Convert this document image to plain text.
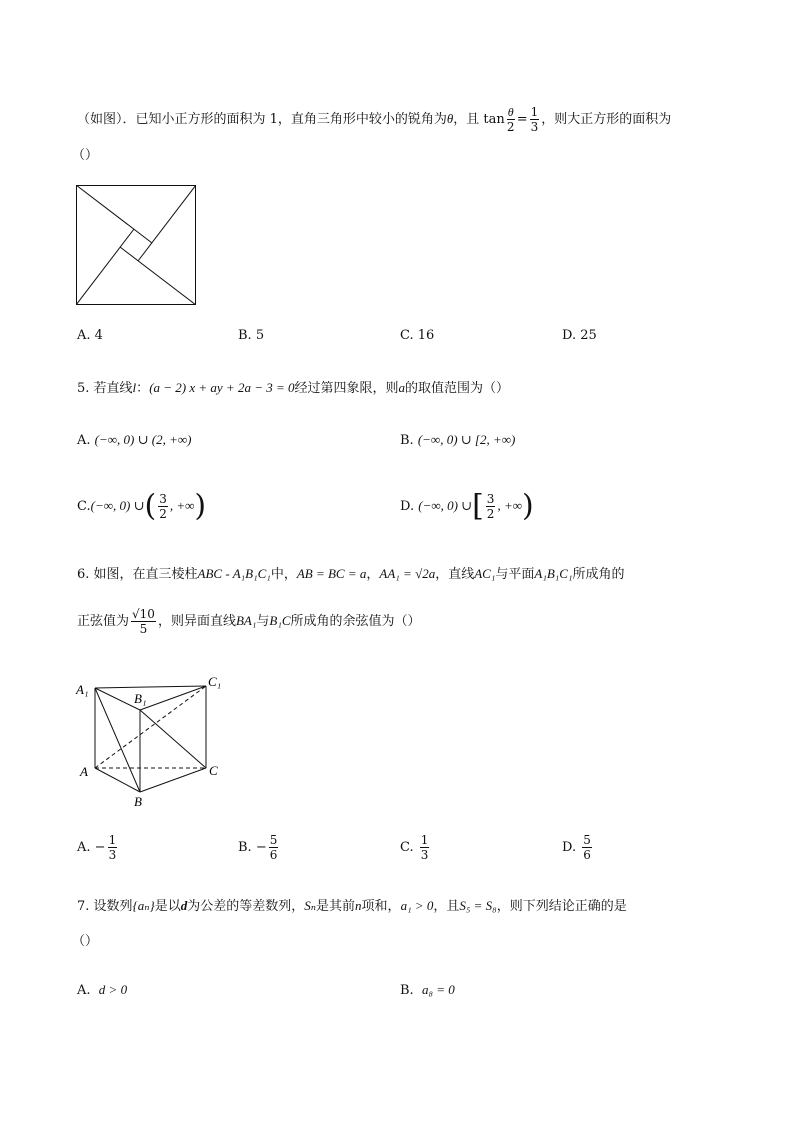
（如图）．已知小正方形的面积为 1，直角三角形中较小的锐角为θ，且 $\tan \frac{\theta}{2} = \frac{1}{3}$ ，则大正方形的面积为
（）
A. 4	B. 5	C. 16	D. 25
5. 若直线l：(a − 2) x + ay + 2a − 3 = 0经过第四象限，则a的取值范围为（）
A. (−∞, 0) ∪ (2, +∞)	B. (−∞, 0) ∪ [2, +∞)
C.(−∞, 0) ∪( $\frac{3}{2}$ , +∞)	D. (−∞, 0) ∪[ $\frac{3}{2}$ , +∞)
6. 如图，在直三棱柱ABC - A₁B₁C₁中，AB = BC = a，AA₁ = √2a，直线AC₁与平面A₁B₁C₁所成角的
正弦值为 $\frac{√10}{5}$ ，则异面直线BA₁与B₁C所成角的余弦值为（）
A₁
B₁
C₁
A
B
C
A. − $\frac{1}{3}$	B. − $\frac{5}{6}$	C. $\frac{1}{3}$	D. $\frac{5}{6}$
7. 设数列{aₙ}是以d为公差的等差数列，Sₙ是其前n项和，a₁ > 0，且S₅ = S₈，则下列结论正确的是
（）
A. d > 0	B. a₈ = 0
